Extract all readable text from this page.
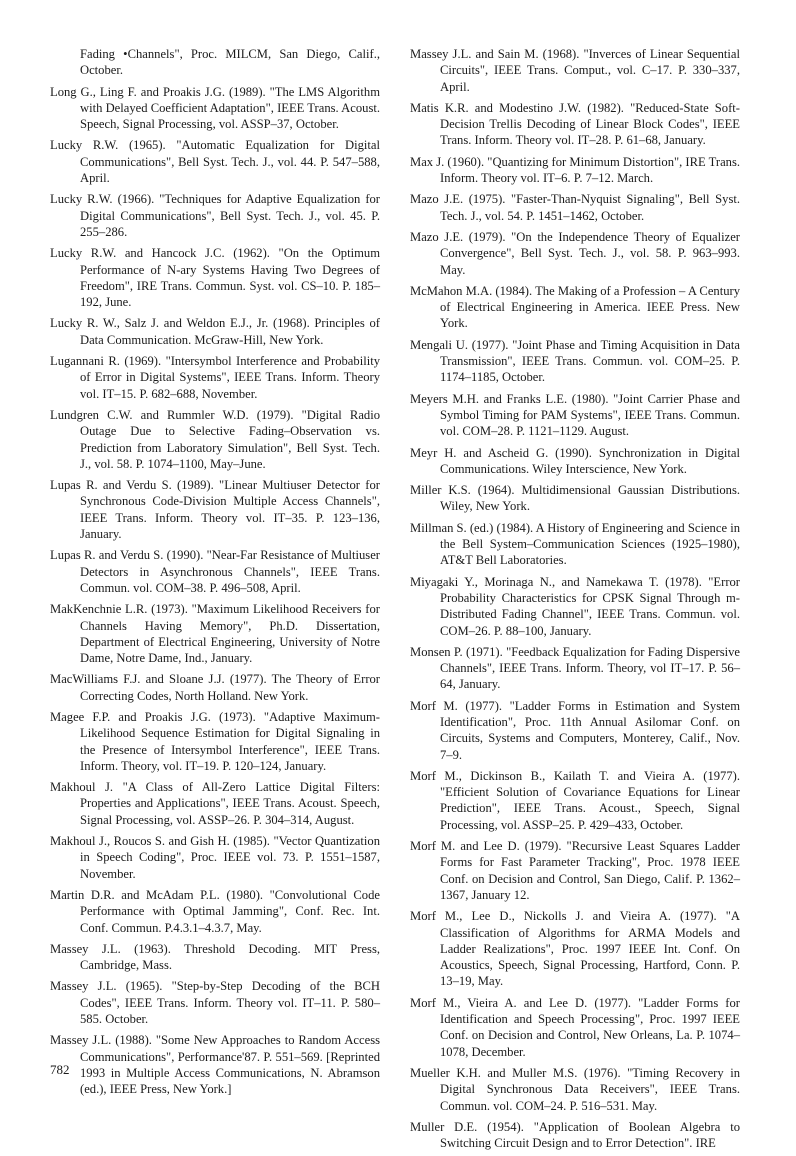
Fading •Channels", Proc. MILCM, San Diego, Calif., October.

Long G., Ling F. and Proakis J.G. (1989). "The LMS Algorithm with Delayed Coefficient Adaptation", IEEE Trans. Acoust. Speech, Signal Processing, vol. ASSP–37, October.

Lucky R.W. (1965). "Automatic Equalization for Digital Communications", Bell Syst. Tech. J., vol. 44. P. 547–588, April.

Lucky R.W. (1966). "Techniques for Adaptive Equalization for Digital Communications", Bell Syst. Tech. J., vol. 45. P. 255–286.

Lucky R.W. and Hancock J.C. (1962). "On the Optimum Performance of N-ary Systems Having Two Degrees of Freedom", IRE Trans. Commun. Syst. vol. CS–10. P. 185–192, June.

Lucky R. W., Salz J. and Weldon E.J., Jr. (1968). Principles of Data Communication. McGraw-Hill, New York.

Lugannani R. (1969). "Intersymbol Interference and Probability of Error in Digital Systems", IEEE Trans. Inform. Theory vol. IT–15. P. 682–688, November.

Lundgren C.W. and Rummler W.D. (1979). "Digital Radio Outage Due to Selective Fading–Observation vs. Prediction from Laboratory Simulation", Bell Syst. Tech. J., vol. 58. P. 1074–1100, May–June.

Lupas R. and Verdu S. (1989). "Linear Multiuser Detector for Synchronous Code-Division Multiple Access Channels", IEEE Trans. Inform. Theory vol. IT–35. P. 123–136, January.

Lupas R. and Verdu S. (1990). "Near-Far Resistance of Multiuser Detectors in Asynchronous Channels", IEEE Trans. Commun. vol. COM–38. P. 496–508, April.

MakKenchnie L.R. (1973). "Maximum Likelihood Receivers for Channels Having Memory", Ph.D. Dissertation, Department of Electrical Engineering, University of Notre Dame, Notre Dame, Ind., January.

MacWilliams F.J. and Sloane J.J. (1977). The Theory of Error Correcting Codes, North Holland. New York.

Magee F.P. and Proakis J.G. (1973). "Adaptive Maximum-Likelihood Sequence Estimation for Digital Signaling in the Presence of Intersymbol Interference", IEEE Trans. Inform. Theory, vol. IT–19. P. 120–124, January.

Makhoul J. "A Class of All-Zero Lattice Digital Filters: Properties and Applications", IEEE Trans. Acoust. Speech, Signal Processing, vol. ASSP–26. P. 304–314, August.

Makhoul J., Roucos S. and Gish H. (1985). "Vector Quantization in Speech Coding", Proc. IEEE vol. 73. P. 1551–1587, November.

Martin D.R. and McAdam P.L. (1980). "Convolutional Code Performance with Optimal Jamming", Conf. Rec. Int. Conf. Commun. P.4.3.1–4.3.7, May.

Massey J.L. (1963). Threshold Decoding. MIT Press, Cambridge, Mass.

Massey J.L. (1965). "Step-by-Step Decoding of the BCH Codes", IEEE Trans. Inform. Theory vol. IT–11. P. 580–585. October.

Massey J.L. (1988). "Some New Approaches to Random Access Communications", Performance'87. P. 551–569. [Reprinted 1993 in Multiple Access Communications, N. Abramson (ed.), IEEE Press, New York.]

Massey J.L. and Sain M. (1968). "Inverces of Linear Sequential Circuits", IEEE Trans. Comput., vol. C–17. P. 330–337, April.

Matis K.R. and Modestino J.W. (1982). "Reduced-State Soft-Decision Trellis Decoding of Linear Block Codes", IEEE Trans. Inform. Theory vol. IT–28. P. 61–68, January.

Max J. (1960). "Quantizing for Minimum Distortion", IRE Trans. Inform. Theory vol. IT–6. P. 7–12. March.

Mazo J.E. (1975). "Faster-Than-Nyquist Signaling", Bell Syst. Tech. J., vol. 54. P. 1451–1462, October.

Mazo J.E. (1979). "On the Independence Theory of Equalizer Convergence", Bell Syst. Tech. J., vol. 58. P. 963–993. May.

McMahon M.A. (1984). The Making of a Profession – A Century of Electrical Engineering in America. IEEE Press. New York.

Mengali U. (1977). "Joint Phase and Timing Acquisition in Data Transmission", IEEE Trans. Commun. vol. COM–25. P. 1174–1185, October.

Meyers M.H. and Franks L.E. (1980). "Joint Carrier Phase and Symbol Timing for PAM Systems", IEEE Trans. Commun. vol. COM–28. P. 1121–1129. August.

Meyr H. and Ascheid G. (1990). Synchronization in Digital Communications. Wiley Interscience, New York.

Miller K.S. (1964). Multidimensional Gaussian Distributions. Wiley, New York.

Millman S. (ed.) (1984). A History of Engineering and Science in the Bell System–Communication Sciences (1925–1980), AT&T Bell Laboratories.

Miyagaki Y., Morinaga N., and Namekawa T. (1978). "Error Probability Characteristics for CPSK Signal Through m-Distributed Fading Channel", IEEE Trans. Commun. vol. COM–26. P. 88–100, January.

Monsen P. (1971). "Feedback Equalization for Fading Dispersive Channels", IEEE Trans. Inform. Theory, vol IT–17. P. 56–64, January.

Morf M. (1977). "Ladder Forms in Estimation and System Identification", Proc. 11th Annual Asilomar Conf. on Circuits, Systems and Computers, Monterey, Calif., Nov. 7–9.

Morf M., Dickinson B., Kailath T. and Vieira A. (1977). "Efficient Solution of Covariance Equations for Linear Prediction", IEEE Trans. Acoust., Speech, Signal Processing, vol. ASSP–25. P. 429–433, October.

Morf M. and Lee D. (1979). "Recursive Least Squares Ladder Forms for Fast Parameter Tracking", Proc. 1978 IEEE Conf. on Decision and Control, San Diego, Calif. P. 1362–1367, January 12.

Morf M., Lee D., Nickolls J. and Vieira A. (1977). "A Classification of Algorithms for ARMA Models and Ladder Realizations", Proc. 1997 IEEE Int. Conf. On Acoustics, Speech, Signal Processing, Hartford, Conn. P. 13–19, May.

Morf M., Vieira A. and Lee D. (1977). "Ladder Forms for Identification and Speech Processing", Proc. 1997 IEEE Conf. on Decision and Control, New Orleans, La. P. 1074–1078, December.

Mueller K.H. and Muller M.S. (1976). "Timing Recovery in Digital Synchronous Data Receivers", IEEE Trans. Commun. vol. COM–24. P. 516–531. May.

Muller D.E. (1954). "Application of Boolean Algebra to Switching Circuit Design and to Error Detection". IRE

782
